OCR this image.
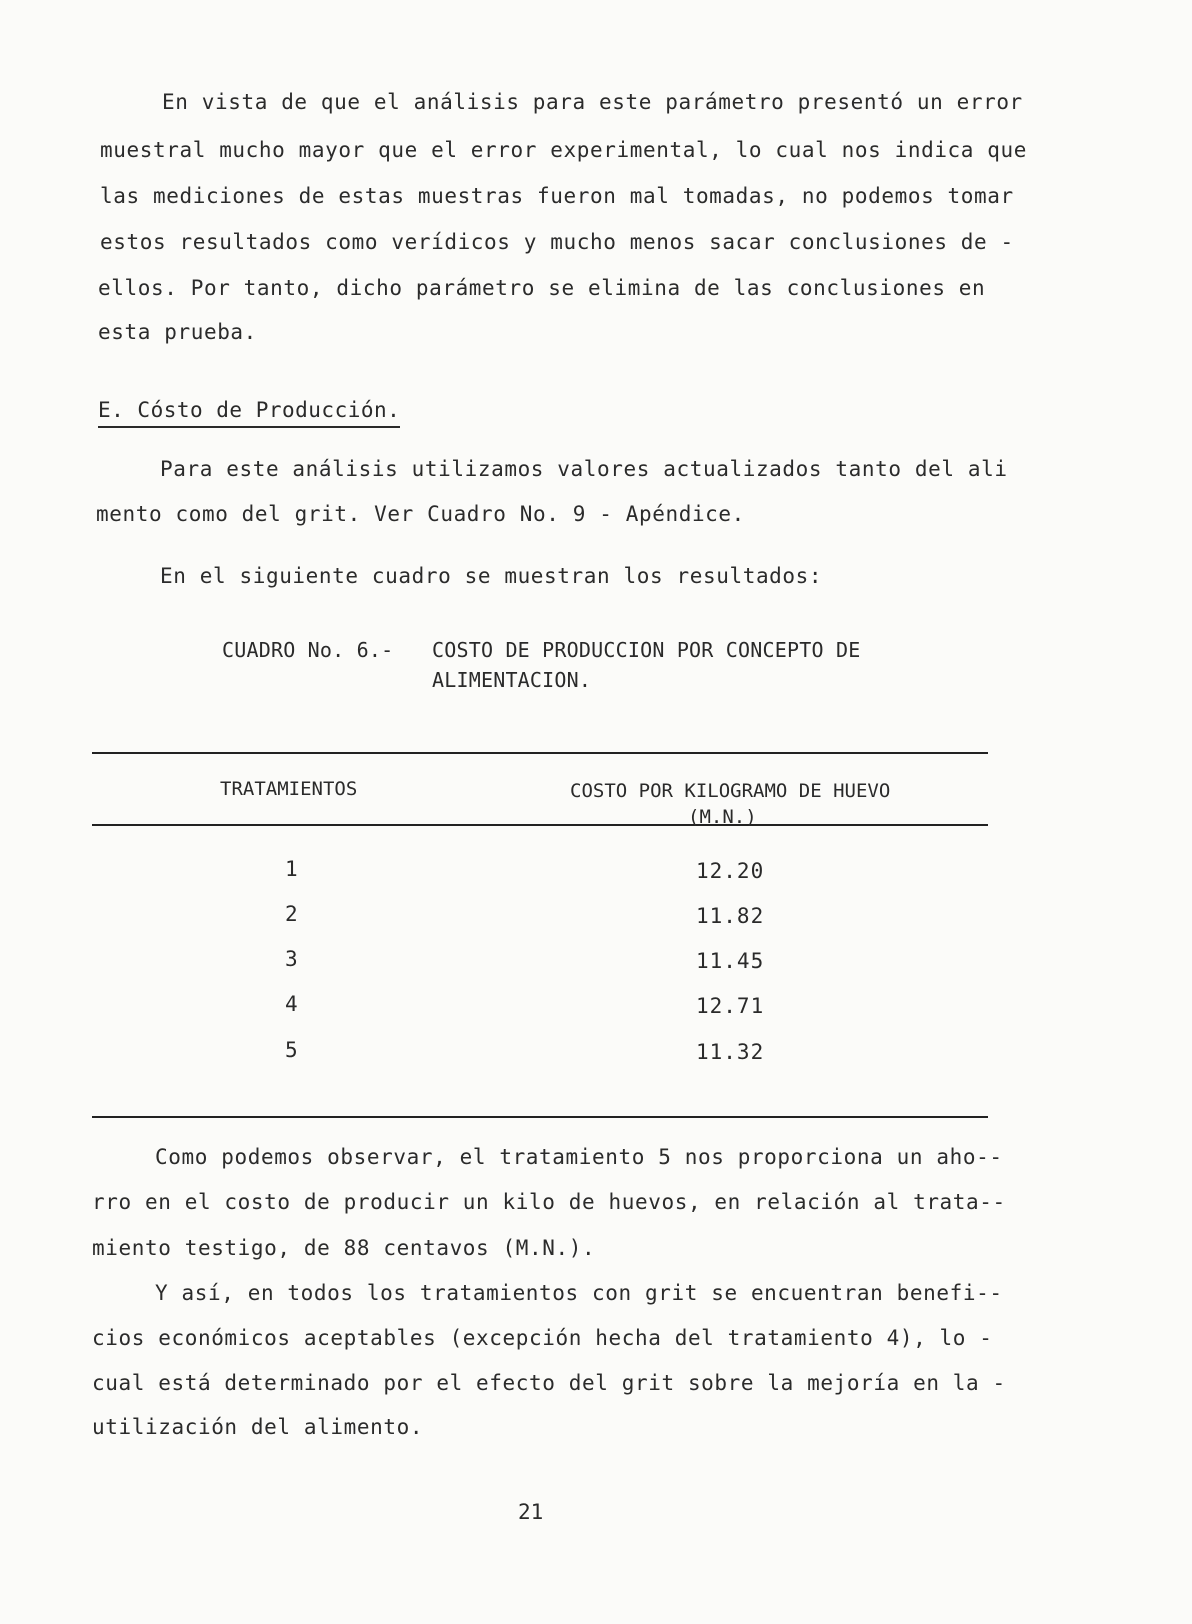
En vista de que el análisis para este parámetro presentó un error
muestral mucho mayor que el error experimental, lo cual nos indica que
las mediciones de estas muestras fueron mal tomadas, no podemos tomar
estos resultados como verídicos y mucho menos sacar conclusiones de -
ellos. Por tanto, dicho parámetro se elimina de las conclusiones en
esta prueba.
E. Cósto de Producción.
Para este análisis utilizamos valores actualizados tanto del ali
mento como del grit. Ver Cuadro No. 9 - Apéndice.
En el siguiente cuadro se muestran los resultados:
CUADRO No. 6.- COSTO DE PRODUCCION POR CONCEPTO DE
ALIMENTACION.
TRATAMIENTOS	COSTO POR KILOGRAMO DE HUEVO
(M.N.)
1	12.20
2	11.82
3	11.45
4	12.71
5	11.32
Como podemos observar, el tratamiento 5 nos proporciona un aho--
rro en el costo de producir un kilo de huevos, en relación al trata--
miento testigo, de 88 centavos (M.N.).
Y así, en todos los tratamientos con grit se encuentran benefi--
cios económicos aceptables (excepción hecha del tratamiento 4), lo -
cual está determinado por el efecto del grit sobre la mejoría en la -
utilización del alimento.
21
